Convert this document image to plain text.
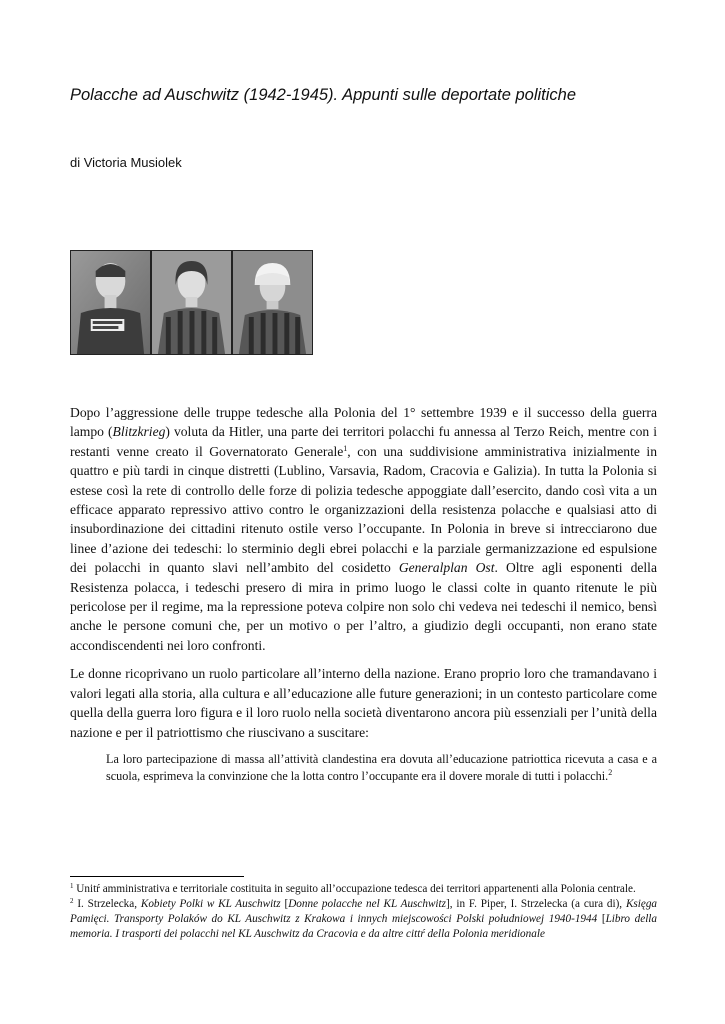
Polacche ad Auschwitz (1942-1945). Appunti sulle deportate politiche
di Victoria Musiolek

Dopo l’aggressione delle truppe tedesche alla Polonia del 1° settembre 1939 e il successo della guerra lampo (Blitzkrieg) voluta da Hitler, una parte dei territori polacchi fu annessa al Terzo Reich, mentre con i restanti venne creato il Governatorato Generale$^1$, con una suddivisione amministrativa inizialmente in quattro e più tardi in cinque distretti (Lublino, Varsavia, Radom, Cracovia e Galizia). In tutta la Polonia si estese così la rete di controllo delle forze di polizia tedesche appoggiate dall’esercito, dando così vita a un efficace apparato repressivo attivo contro le organizzazioni della resistenza polacche e qualsiasi atto di insubordinazione dei cittadini ritenuto ostile verso l’occupante. In Polonia in breve si intrecciarono due linee d’azione dei tedeschi: lo sterminio degli ebrei polacchi e la parziale germanizzazione ed espulsione dei polacchi in quanto slavi nell’ambito del cosidetto Generalplan Ost. Oltre agli esponenti della Resistenza polacca, i tedeschi presero di mira in primo luogo le classi colte in quanto ritenute le più pericolose per il regime, ma la repressione poteva colpire non solo chi vedeva nei tedeschi il nemico, bensì anche le persone comuni che, per un motivo o per l’altro, a giudizio degli occupanti, non erano state accondiscendenti nei loro confronti.

Le donne ricoprivano un ruolo particolare all’interno della nazione. Erano proprio loro che tramandavano i valori legati alla storia, alla cultura e all’educazione alle future generazioni; in un contesto particolare come quella della guerra loro figura e il loro ruolo nella società diventarono ancora più essenziali per l’unità della nazione e per il patriottismo che riuscivano a suscitare:

La loro partecipazione di massa all’attività clandestina era dovuta all’educazione patriottica ricevuta a casa e a scuola, esprimeva la convinzione che la lotta contro l’occupante era il dovere morale di tutti i polacchi.$^2$

$^1$ Unitŕ amministrativa e territoriale costituita in seguito all’occupazione tedesca dei territori appartenenti alla Polonia centrale.

$^2$ I. Strzelecka, Kobiety Polki w KL Auschwitz [Donne polacche nel KL Auschwitz], in F. Piper, I. Strzelecka (a cura di), Księga Pamięci. Transporty Polaków do KL Auschwitz z Krakowa i innych miejscowości Polski południowej 1940-1944 [Libro della memoria. I trasporti dei polacchi nel KL Auschwitz da Cracovia e da altre cittŕ della Polonia meridionale
